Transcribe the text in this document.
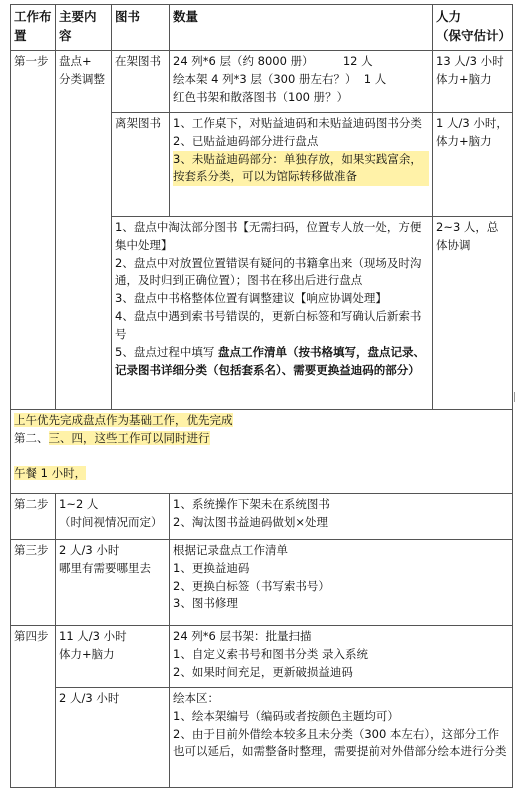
工作布置	主要内容	图书	数量	人力
（保守估计）

第一步	盘点+
分类调整	在架图书	24 列*6 层（约 8000 册）        12 人
绘本架 4 列*3 层（300 册左右？）  1 人
红色书架和散落图书（100 册？）	13 人/3 小时
体力+脑力

		离架图书	1、工作桌下，对贴益迪码和未贴益迪码图书分类
2、已贴益迪码部分进行盘点
3、未贴益迪码部分：单独存放，如果实践富余，按套系分类，可以为馆际转移做准备	1 人/3 小时，
体力+脑力

		1、盘点中淘汰部分图书【无需扫码，位置专人放一处，方便集中处理】
2、盘点中对放置位置错误有疑问的书籍拿出来（现场及时沟通，及时归到正确位置）；图书在移出后进行盘点
3、盘点中书格整体位置有调整建议【响应协调处理】
4、盘点中遇到索书号错误的，更新白标签和写确认后新索书号
5、盘点过程中填写 盘点工作清单（按书格填写，盘点记录、记录图书详细分类（包括套系名）、需要更换益迪码的部分）		2~3 人，总体协调

上午优先完成盘点作为基础工作，优先完成
第二、三、四，这些工作可以同时进行

午餐 1 小时，				

第二步	1~2 人
（时间视情况而定）		1、系统操作下架未在系统图书
2、淘汰图书益迪码做划×处理	

第三步	2 人/3 小时
哪里有需要哪里去		根据记录盘点工作清单
1、更换益迪码
2、更换白标签（书写索书号）
3、图书修理	

第四步	11 人/3 小时
体力+脑力		24 列*6 层书架：批量扫描
1、自定义索书号和图书分类 录入系统
2、如果时间充足，更新破损益迪码	

	2 人/3 小时		绘本区：
1、绘本架编号（编码或者按颜色主题均可）
2、由于目前外借绘本较多且未分类（300 本左右），这部分工作也可以延后，如需整备时整理，需要提前对外借部分绘本进行分类	
